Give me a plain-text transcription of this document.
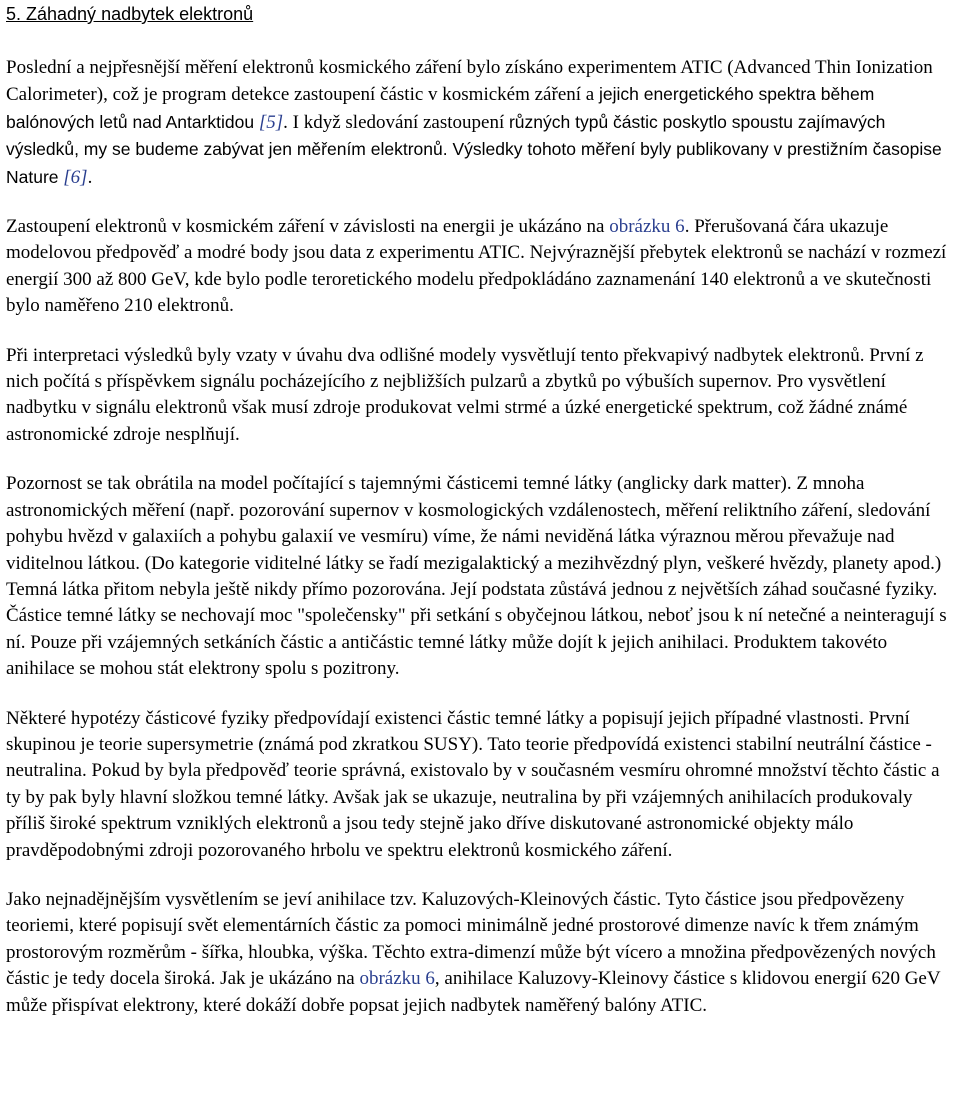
5. Záhadný nadbytek elektronů

Poslední a nejpřesnější měření elektronů kosmického záření bylo získáno experimentem ATIC (Advanced Thin Ionization Calorimeter), což je program detekce zastoupení částic v kosmickém záření a jejich energetického spektra během balónových letů nad Antarktidou [5]. I když sledování zastoupení různých typů částic poskytlo spoustu zajímavých výsledků, my se budeme zabývat jen měřením elektronů. Výsledky tohoto měření byly publikovany v prestižním časopise Nature [6].

Zastoupení elektronů v kosmickém záření v závislosti na energii je ukázáno na obrázku 6. Přerušovaná čára ukazuje modelovou předpověď a modré body jsou data z experimentu ATIC. Nejvýraznější přebytek elektronů se nachází v rozmezí energií 300 až 800 GeV, kde bylo podle teroretického modelu předpokládáno zaznamenání 140 elektronů a ve skutečnosti bylo naměřeno 210 elektronů.

Při interpretaci výsledků byly vzaty v úvahu dva odlišné modely vysvětlují tento překvapivý nadbytek elektronů. První z nich počítá s příspěvkem signálu pocházejícího z nejbližších pulzarů a zbytků po výbuších supernov. Pro vysvětlení nadbytku v signálu elektronů však musí zdroje produkovat velmi strmé a úzké energetické spektrum, což žádné známé astronomické zdroje nesplňují.

Pozornost se tak obrátila na model počítající s tajemnými částicemi temné látky (anglicky dark matter). Z mnoha astronomických měření (např. pozorování supernov v kosmologických vzdálenostech, měření reliktního záření, sledování pohybu hvězd v galaxiích a pohybu galaxií ve vesmíru) víme, že námi neviděná látka výraznou měrou převažuje nad viditelnou látkou. (Do kategorie viditelné látky se řadí mezigalaktický a mezihvězdný plyn, veškeré hvězdy, planety apod.) Temná látka přitom nebyla ještě nikdy přímo pozorována. Její podstata zůstává jednou z největších záhad současné fyziky. Částice temné látky se nechovají moc "společensky" při setkání s obyčejnou látkou, neboť jsou k ní netečné a neinteragují s ní. Pouze při vzájemných setkáních částic a antičástic temné látky může dojít k jejich anihilaci. Produktem takovéto anihilace se mohou stát elektrony spolu s pozitrony.

Některé hypotézy částicové fyziky předpovídají existenci částic temné látky a popisují jejich případné vlastnosti. První skupinou je teorie supersymetrie (známá pod zkratkou SUSY). Tato teorie předpovídá existenci stabilní neutrální částice - neutralina. Pokud by byla předpověď teorie správná, existovalo by v současném vesmíru ohromné množství těchto částic a ty by pak byly hlavní složkou temné látky. Avšak jak se ukazuje, neutralina by při vzájemných anihilacích produkovaly příliš široké spektrum vzniklých elektronů a jsou tedy stejně jako dříve diskutované astronomické objekty málo pravděpodobnými zdroji pozorovaného hrbolu ve spektru elektronů kosmického záření.

Jako nejnadějnějším vysvětlením se jeví anihilace tzv. Kaluzových-Kleinových částic. Tyto částice jsou předpovězeny teoriemi, které popisují svět elementárních částic za pomoci minimálně jedné prostorové dimenze navíc k třem známým prostorovým rozměrům - šířka, hloubka, výška. Těchto extra-dimenzí může být vícero a množina předpovězených nových částic je tedy docela široká. Jak je ukázáno na obrázku 6, anihilace Kaluzovy-Kleinovy částice s klidovou energií 620 GeV může přispívat elektrony, které dokáží dobře popsat jejich nadbytek naměřený balóny ATIC.
